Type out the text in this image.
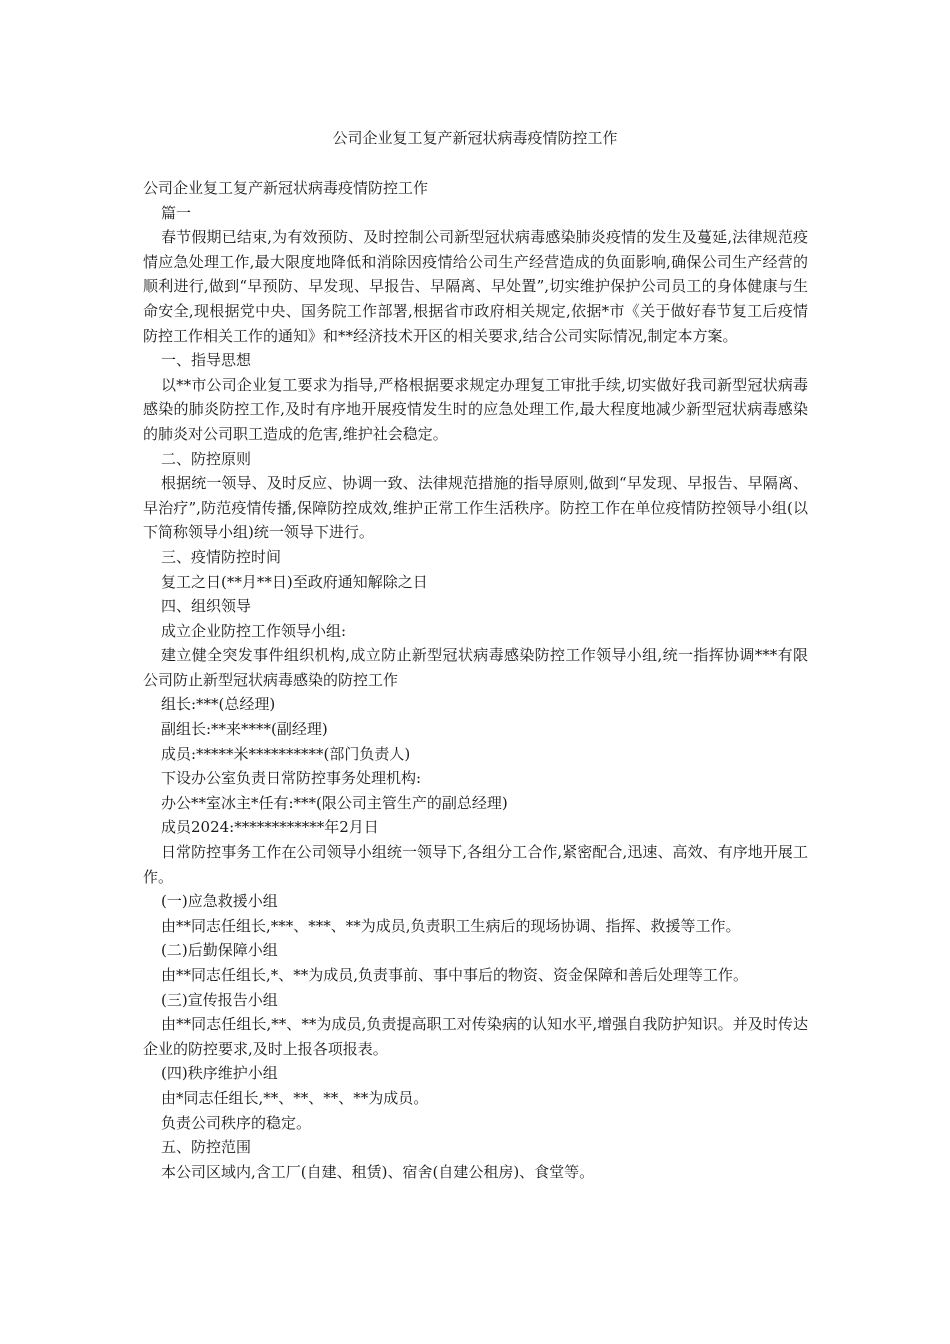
公司企业复工复产新冠状病毒疫情防控工作

公司企业复工复产新冠状病毒疫情防控工作

篇一

春节假期已结束,为有效预防、及时控制公司新型冠状病毒感染肺炎疫情的发生及蔓延,法律规范疫情应急处理工作,最大限度地降低和消除因疫情给公司生产经营造成的负面影响,确保公司生产经营的顺利进行,做到“早预防、早发现、早报告、早隔离、早处置”,切实维护保护公司员工的身体健康与生命安全,现根据党中央、国务院工作部署,根据省市政府相关规定,依据*市《关于做好春节复工后疫情防控工作相关工作的通知》和**经济技术开区的相关要求,结合公司实际情况,制定本方案。

一、指导思想

以**市公司企业复工要求为指导,严格根据要求规定办理复工审批手续,切实做好我司新型冠状病毒感染的肺炎防控工作,及时有序地开展疫情发生时的应急处理工作,最大程度地减少新型冠状病毒感染的肺炎对公司职工造成的危害,维护社会稳定。

二、防控原则

根据统一领导、及时反应、协调一致、法律规范措施的指导原则,做到“早发现、早报告、早隔离、早治疗”,防范疫情传播,保障防控成效,维护正常工作生活秩序。防控工作在单位疫情防控领导小组(以下简称领导小组)统一领导下进行。

三、疫情防控时间

复工之日(**月**日)至政府通知解除之日

四、组织领导

成立企业防控工作领导小组:

建立健全突发事件组织机构,成立防止新型冠状病毒感染防控工作领导小组,统一指挥协调***有限公司防止新型冠状病毒感染的防控工作

组长:***(总经理)

副组长:**来****(副经理)

成员:*****米**********(部门负责人)

下设办公室负责日常防控事务处理机构:

办公**室冰主*任有:***(限公司主管生产的副总经理)

成员2024:************年2月日

日常防控事务工作在公司领导小组统一领导下,各组分工合作,紧密配合,迅速、高效、有序地开展工作。

(一)应急救援小组

由**同志任组长,***、***、**为成员,负责职工生病后的现场协调、指挥、救援等工作。

(二)后勤保障小组

由**同志任组长,*、**为成员,负责事前、事中事后的物资、资金保障和善后处理等工作。

(三)宣传报告小组

由**同志任组长,**、**为成员,负责提高职工对传染病的认知水平,增强自我防护知识。并及时传达企业的防控要求,及时上报各项报表。

(四)秩序维护小组

由*同志任组长,**、**、**、**为成员。

负责公司秩序的稳定。

五、防控范围

本公司区域内,含工厂(自建、租赁)、宿舍(自建公租房)、食堂等。
